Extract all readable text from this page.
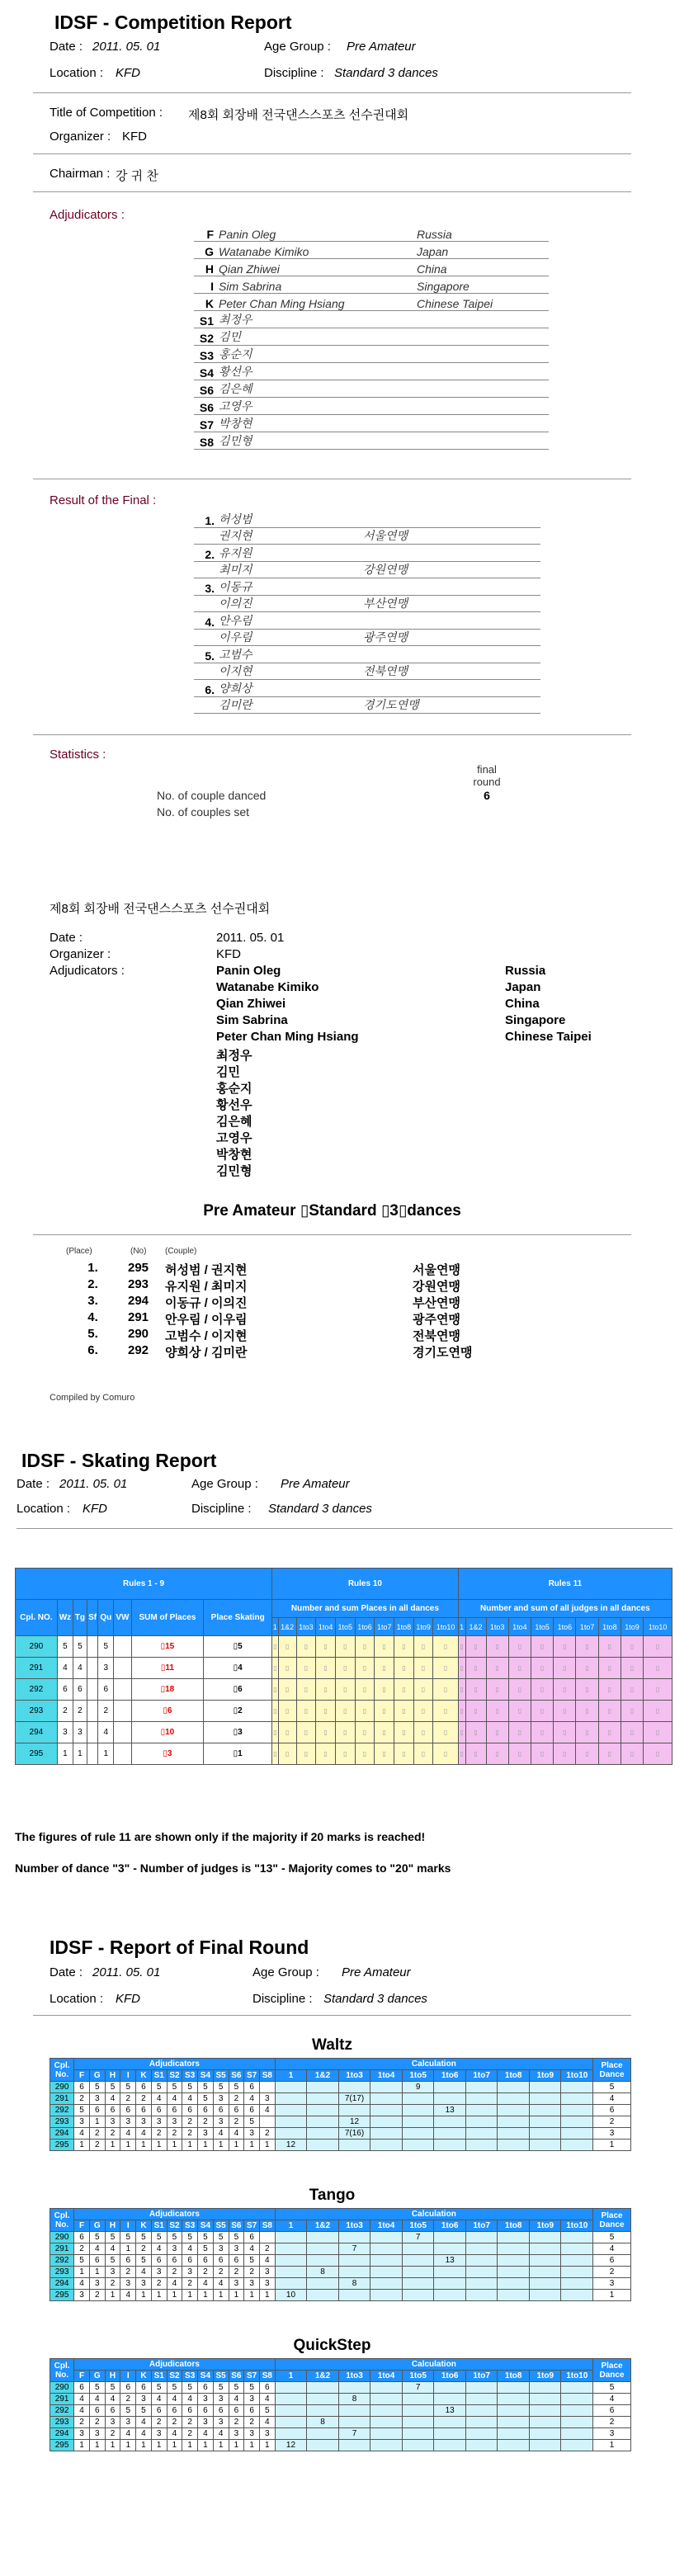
IDSF - Competition Report
Date : 2011. 05. 01	Age Group : Pre Amateur
Location : KFD	Discipline : Standard 3 dances
Title of Competition : 제8회 회장배 전국댄스스포츠 선수권대회
Organizer : KFD
Chairman : 강 귀 찬
Adjudicators :
F Panin Oleg	Russia
G Watanabe Kimiko	Japan
H Qian Zhiwei	China
I Sim Sabrina	Singapore
K Peter Chan Ming Hsiang	Chinese Taipei
S1 최정우
S2 김민
S3 홍순지
S4 황선우
S6 김은혜
S6 고영우
S7 박창현
S8 김민형
Result of the Final :
1. 허성범
권지현	서울연맹
2. 유지원
최미지	강원연맹
3. 이동규
이의진	부산연맹
4. 안우림
이우림	광주연맹
5. 고범수
이지현	전북연맹
6. 양희상
김미란	경기도연맹
Statistics :
final round
No. of couple danced	6
No. of couples set
제8회 회장배 전국댄스스포츠 선수권대회
Date :	2011. 05. 01
Organizer :	KFD
Adjudicators :	Panin Oleg	Russia
Watanabe Kimiko	Japan
Qian Zhiwei	China
Sim Sabrina	Singapore
Peter Chan Ming Hsiang	Chinese Taipei
최정우
김민
홍순지
황선우
김은혜
고영우
박창현
김민형
Pre Amateur ▯Standard ▯3▯dances
(Place)	(No) (Couple)
1.	295	허성범 / 권지현	서울연맹
2.	293	유지원 / 최미지	강원연맹
3.	294	이동규 / 이의진	부산연맹
4.	291	안우림 / 이우림	광주연맹
5.	290	고범수 / 이지현	전북연맹
6.	292	양희상 / 김미란	경기도연맹
Compiled by Comuro
IDSF - Skating Report
Date : 2011. 05. 01	Age Group : Pre Amateur
Location : KFD	Discipline : Standard 3 dances
Rules 1 - 9								Rules 10										Rules 11									
Cpl. NO.	Wz	Tg	Sf	Qu	VW	SUM of Places	Place Skating	Number and sum Places in all dances										Number and sum of all judges in all dances									
								1	1&2	1to3	1to4	1to5	1to6	1to7	1to8	1to9	1to10	1	1&2	1to3	1to4	1to5	1to6	1to7	1to8	1to9	1to10
290	5	5		5		▯15	▯5	▯	▯	▯	▯	▯	▯	▯	▯	▯	▯	▯	▯	▯	▯	▯	▯	▯	▯	▯	▯
291	4	4		3		▯11	▯4	▯	▯	▯	▯	▯	▯	▯	▯	▯	▯	▯	▯	▯	▯	▯	▯	▯	▯	▯	▯
292	6	6		6		▯18	▯6	▯	▯	▯	▯	▯	▯	▯	▯	▯	▯	▯	▯	▯	▯	▯	▯	▯	▯	▯	▯
293	2	2		2		▯6	▯2	▯	▯	▯	▯	▯	▯	▯	▯	▯	▯	▯	▯	▯	▯	▯	▯	▯	▯	▯	▯
294	3	3		4		▯10	▯3	▯	▯	▯	▯	▯	▯	▯	▯	▯	▯	▯	▯	▯	▯	▯	▯	▯	▯	▯	▯
295	1	1		1		▯3	▯1	▯	▯	▯	▯	▯	▯	▯	▯	▯	▯	▯	▯	▯	▯	▯	▯	▯	▯	▯	▯
The figures of rule 11 are shown only if the majority if 20 marks is reached!
Number of dance "3" - Number of judges is "13" - Majority comes to "20" marks
IDSF - Report of Final Round
Date : 2011. 05. 01	Age Group : Pre Amateur
Location : KFD	Discipline : Standard 3 dances
Waltz
Cpl. No.	Adjudicators													Calculation										Place Dance
	F	G	H	I	K	S1	S2	S3	S4	S5	S6	S7	S8	1	1&2	1to3	1to4	1to5	1to6	1to7	1to8	1to9	1to10	
290	6	5	5	5	6	5	5	5	5	5	5	6						9						5
291	2	3	4	2	2	4	4	4	5	3	2	4	3			7(17)								4
292	5	6	6	6	6	6	6	6	6	6	6	6	4						13					6
293	3	1	3	3	3	3	3	2	2	3	2	5				12								2
294	4	2	2	4	4	2	2	2	3	4	4	3	2			7(16)								3
295	1	2	1	1	1	1	1	1	1	1	1	1	1	12										1
Tango
Cpl. No.	Adjudicators													Calculation										Place Dance
	F	G	H	I	K	S1	S2	S3	S4	S5	S6	S7	S8	1	1&2	1to3	1to4	1to5	1to6	1to7	1to8	1to9	1to10	
290	6	5	5	5	5	5	5	5	5	5	5	6						7						5
291	2	4	4	1	2	4	3	4	5	3	3	4	2			7								4
292	5	6	5	6	5	6	6	6	6	6	6	5	4						13					6
293	1	1	3	2	4	3	2	3	2	2	2	2	3		8									2
294	4	3	2	3	3	2	4	2	4	4	3	3	3			8								3
295	3	2	1	4	1	1	1	1	1	1	1	1	1	10										1
QuickStep
Cpl. No.	Adjudicators													Calculation										Place Dance
	F	G	H	I	K	S1	S2	S3	S4	S5	S6	S7	S8	1	1&2	1to3	1to4	1to5	1to6	1to7	1to8	1to9	1to10	
290	6	5	5	6	6	5	5	5	6	5	5	5	6					7						5
291	4	4	4	2	3	4	4	4	3	3	4	3	4			8								4
292	4	6	6	5	5	6	6	6	6	6	6	6	5						13					6
293	2	2	3	3	4	2	2	2	3	3	2	2	4		8									2
294	3	3	2	4	4	3	4	2	4	4	3	3	3			7								3
295	1	1	1	1	1	1	1	1	1	1	1	1	1	12										1
